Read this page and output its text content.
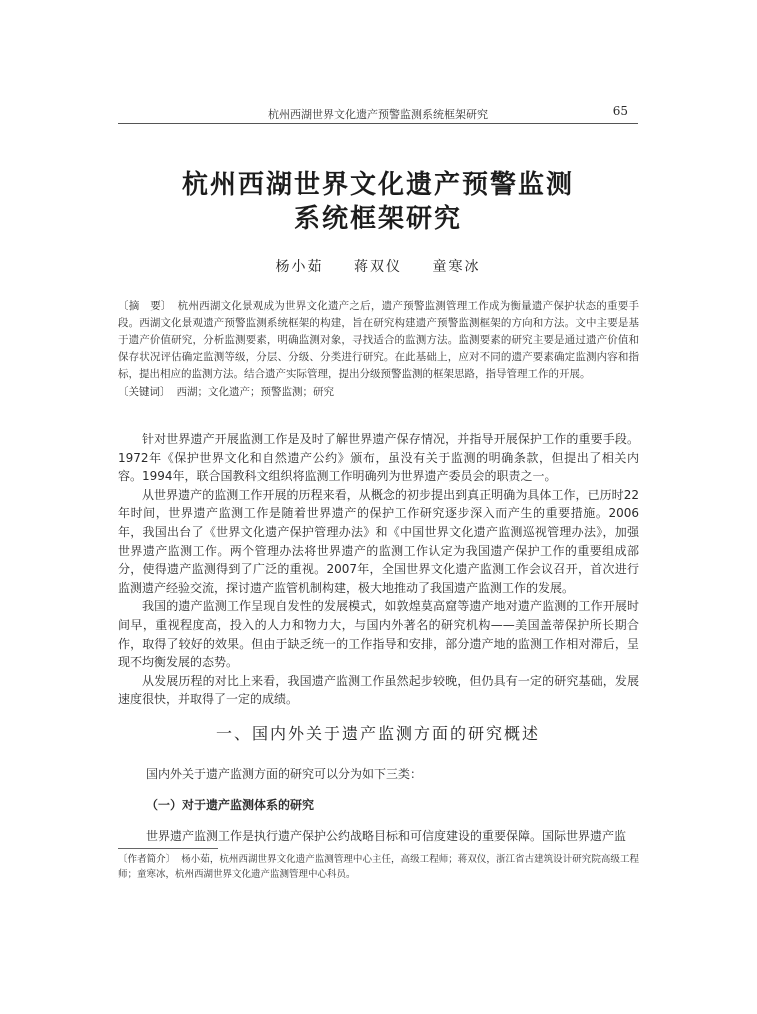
杭州西湖世界文化遗产预警监测系统框架研究	65
杭州西湖世界文化遗产预警监测
系统框架研究
杨小茹 蒋双仪 童寒冰

〔摘　要〕 杭州西湖文化景观成为世界文化遗产之后，遗产预警监测管理工作成为衡量遗产保护状态的重要手段。西湖文化景观遗产预警监测系统框架的构建，旨在研究构建遗产预警监测框架的方向和方法。文中主要是基于遗产价值研究，分析监测要素，明确监测对象，寻找适合的监测方法。监测要素的研究主要是通过遗产价值和保存状况评估确定监测等级，分层、分级、分类进行研究。在此基础上，应对不同的遗产要素确定监测内容和指标，提出相应的监测方法。结合遗产实际管理，提出分级预警监测的框架思路，指导管理工作的开展。

〔关键词〕 西湖；文化遗产；预警监测；研究

针对世界遗产开展监测工作是及时了解世界遗产保存情况，并指导开展保护工作的重要手段。1972年《保护世界文化和自然遗产公约》颁布，虽没有关于监测的明确条款，但提出了相关内容。1994年，联合国教科文组织将监测工作明确列为世界遗产委员会的职责之一。

从世界遗产的监测工作开展的历程来看，从概念的初步提出到真正明确为具体工作，已历时22年时间，世界遗产监测工作是随着世界遗产的保护工作研究逐步深入而产生的重要措施。2006年，我国出台了《世界文化遗产保护管理办法》和《中国世界文化遗产监测巡视管理办法》，加强世界遗产监测工作。两个管理办法将世界遗产的监测工作认定为我国遗产保护工作的重要组成部分，使得遗产监测得到了广泛的重视。2007年，全国世界文化遗产监测工作会议召开，首次进行监测遗产经验交流，探讨遗产监管机制构建，极大地推动了我国遗产监测工作的发展。

我国的遗产监测工作呈现自发性的发展模式，如敦煌莫高窟等遗产地对遗产监测的工作开展时间早，重视程度高，投入的人力和物力大，与国内外著名的研究机构——美国盖蒂保护所长期合作，取得了较好的效果。但由于缺乏统一的工作指导和安排，部分遗产地的监测工作相对滞后，呈现不均衡发展的态势。

从发展历程的对比上来看，我国遗产监测工作虽然起步较晚，但仍具有一定的研究基础，发展速度很快，并取得了一定的成绩。

一、国内外关于遗产监测方面的研究概述
国内外关于遗产监测方面的研究可以分为如下三类：
（一）对于遗产监测体系的研究
世界遗产监测工作是执行遗产保护公约战略目标和可信度建设的重要保障。国际世界遗产监

〔作者简介〕 杨小茹，杭州西湖世界文化遗产监测管理中心主任，高级工程师；蒋双仪，浙江省古建筑设计研究院高级工程师；童寒冰，杭州西湖世界文化遗产监测管理中心科员。
